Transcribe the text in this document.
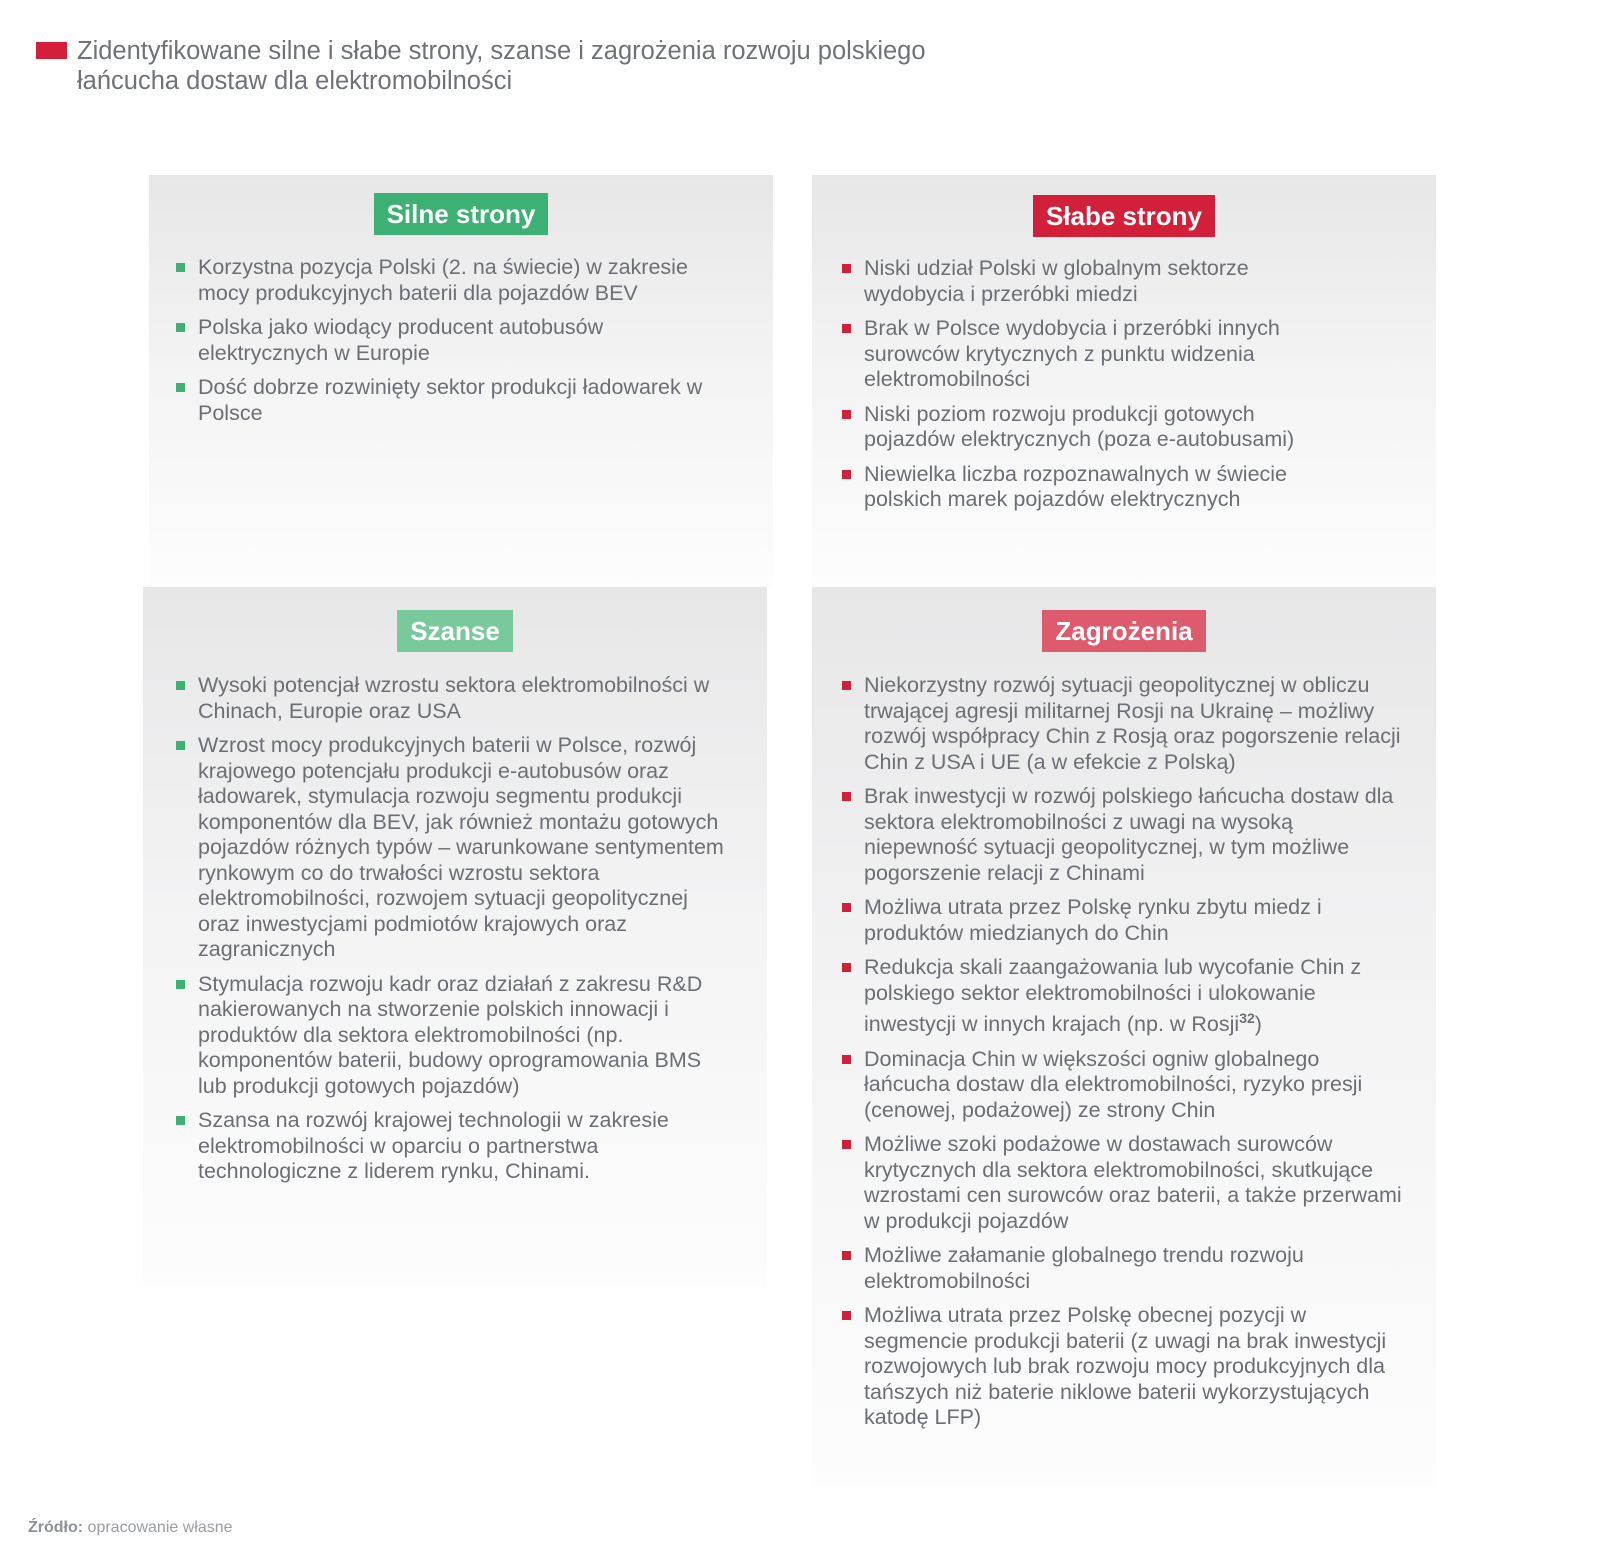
Zidentyfikowane silne i słabe strony, szanse i zagrożenia rozwoju polskiego
łańcucha dostaw dla elektromobilności
Silne strony
Korzystna pozycja Polski (2. na świecie) w zakresie mocy produkcyjnych baterii dla pojazdów BEV
Polska jako wiodący producent autobusów elektrycznych w Europie
Dość dobrze rozwinięty sektor produkcji ładowarek w Polsce
Słabe strony
Niski udział Polski w globalnym sektorze wydobycia i przeróbki miedzi
Brak w Polsce wydobycia i przeróbki innych surowców krytycznych z punktu widzenia elektromobilności
Niski poziom rozwoju produkcji gotowych pojazdów elektrycznych (poza e-autobusami)
Niewielka liczba rozpoznawalnych w świecie polskich marek pojazdów elektrycznych
Szanse
Wysoki potencjał wzrostu sektora elektromobilności w Chinach, Europie oraz USA
Wzrost mocy produkcyjnych baterii w Polsce, rozwój krajowego potencjału produkcji e-autobusów oraz ładowarek, stymulacja rozwoju segmentu produkcji komponentów dla BEV, jak również montażu gotowych pojazdów różnych typów – warunkowane sentymentem rynkowym co do trwałości wzrostu sektora elektromobilności, rozwojem sytuacji geopolitycznej oraz inwestycjami podmiotów krajowych oraz zagranicznych
Stymulacja rozwoju kadr oraz działań z zakresu R&D nakierowanych na stworzenie polskich innowacji i produktów dla sektora elektromobilności (np. komponentów baterii, budowy oprogramowania BMS lub produkcji gotowych pojazdów)
Szansa na rozwój krajowej technologii w zakresie elektromobilności w oparciu o partnerstwa technologiczne z liderem rynku, Chinami.
Zagrożenia
Niekorzystny rozwój sytuacji geopolitycznej w obliczu trwającej agresji militarnej Rosji na Ukrainę – możliwy rozwój współpracy Chin z Rosją oraz pogorszenie relacji Chin z USA i UE (a w efekcie z Polską)
Brak inwestycji w rozwój polskiego łańcucha dostaw dla sektora elektromobilności z uwagi na wysoką niepewność sytuacji geopolitycznej, w tym możliwe pogorszenie relacji z Chinami
Możliwa utrata przez Polskę rynku zbytu miedz i produktów miedzianych do Chin
Redukcja skali zaangażowania lub wycofanie Chin z polskiego sektor elektromobilności i ulokowanie inwestycji w innych krajach (np. w Rosji$^{32}$)
Dominacja Chin w większości ogniw globalnego łańcucha dostaw dla elektromobilności, ryzyko presji (cenowej, podażowej) ze strony Chin
Możliwe szoki podażowe w dostawach surowców krytycznych dla sektora elektromobilności, skutkujące wzrostami cen surowców oraz baterii, a także przerwami w produkcji pojazdów
Możliwe załamanie globalnego trendu rozwoju elektromobilności
Możliwa utrata przez Polskę obecnej pozycji w segmencie produkcji baterii (z uwagi na brak inwestycji rozwojowych lub brak rozwoju mocy produkcyjnych dla tańszych niż baterie niklowe baterii wykorzystujących katodę LFP)
Źródło: opracowanie własne
